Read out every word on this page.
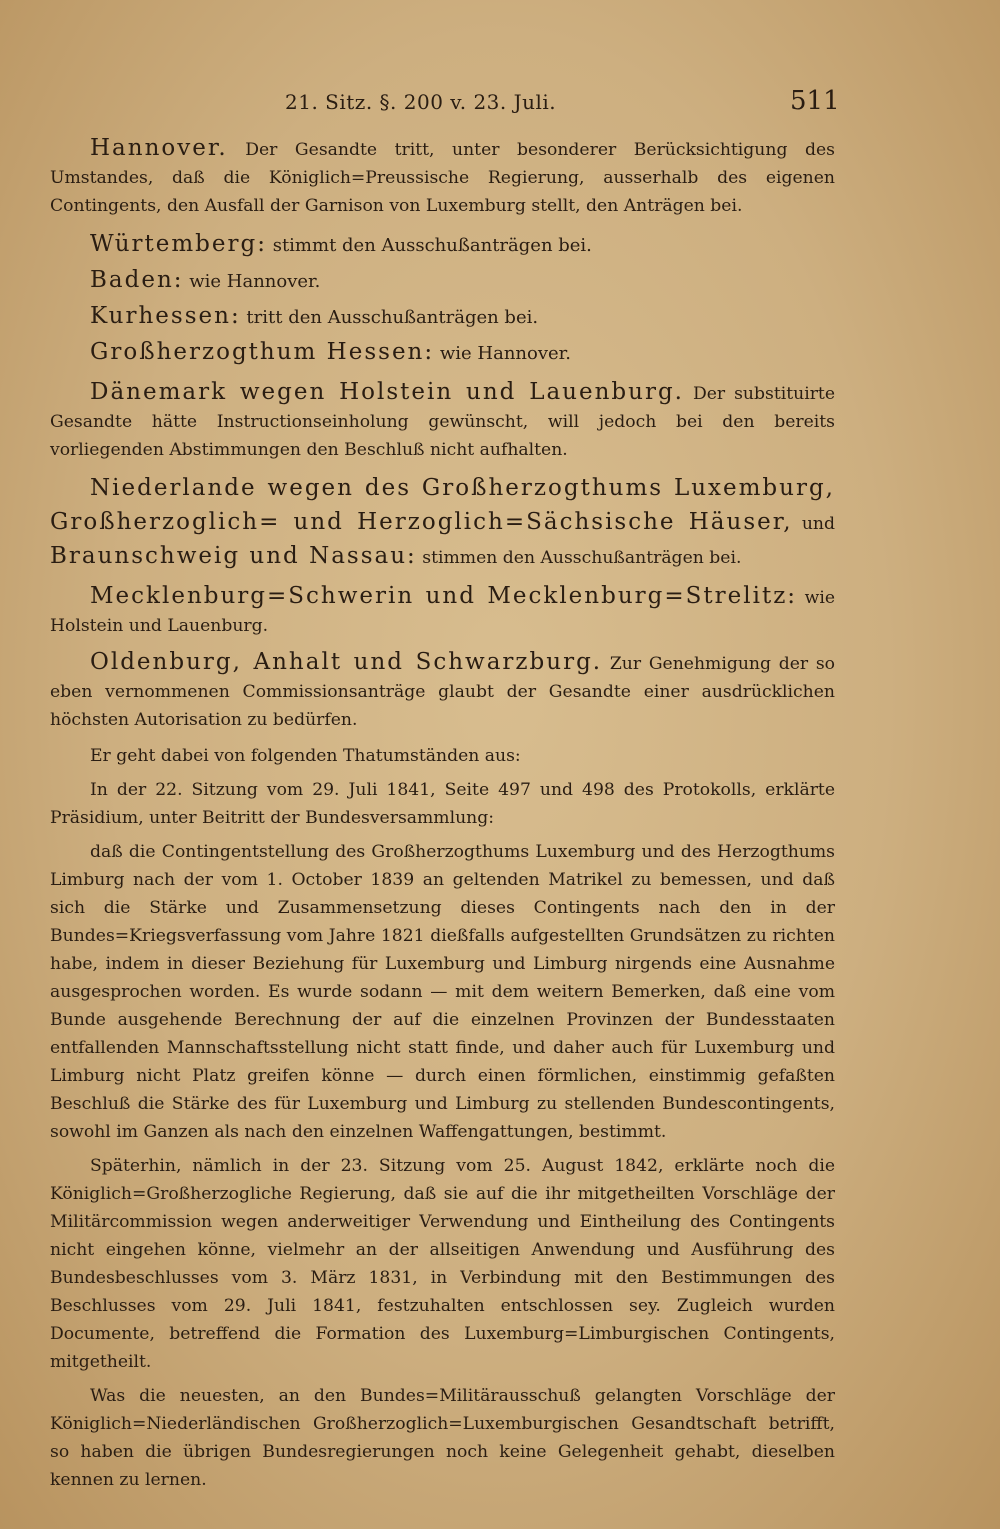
21. Sitz. §. 200 v. 23. Juli.	511

Hannover. Der Gesandte tritt, unter besonderer Berücksichtigung des Umstandes, daß die Königlich=Preussische Regierung, ausserhalb des eigenen Contingents, den Ausfall der Garnison von Luxemburg stellt, den Anträgen bei.

Würtemberg: stimmt den Ausschußanträgen bei.

Baden: wie Hannover.

Kurhessen: tritt den Ausschußanträgen bei.

Großherzogthum Hessen: wie Hannover.

Dänemark wegen Holstein und Lauenburg. Der substituirte Gesandte hätte Instructionseinholung gewünscht, will jedoch bei den bereits vorliegenden Abstimmungen den Beschluß nicht aufhalten.

Niederlande wegen des Großherzogthums Luxemburg, Großherzoglich= und Herzoglich=Sächsische Häuser, und Braunschweig und Nassau: stimmen den Ausschußanträgen bei.

Mecklenburg=Schwerin und Mecklenburg=Strelitz: wie Holstein und Lauenburg.

Oldenburg, Anhalt und Schwarzburg. Zur Genehmigung der so eben vernommenen Commissionsanträge glaubt der Gesandte einer ausdrücklichen höchsten Autorisation zu bedürfen.

Er geht dabei von folgenden Thatumständen aus:

In der 22. Sitzung vom 29. Juli 1841, Seite 497 und 498 des Protokolls, erklärte Präsidium, unter Beitritt der Bundesversammlung:

daß die Contingentstellung des Großherzogthums Luxemburg und des Herzogthums Limburg nach der vom 1. October 1839 an geltenden Matrikel zu bemessen, und daß sich die Stärke und Zusammensetzung dieses Contingents nach den in der Bundes=Kriegsverfassung vom Jahre 1821 dießfalls aufgestellten Grundsätzen zu richten habe, indem in dieser Beziehung für Luxemburg und Limburg nirgends eine Ausnahme ausgesprochen worden. Es wurde sodann — mit dem weitern Bemerken, daß eine vom Bunde ausgehende Berechnung der auf die einzelnen Provinzen der Bundesstaaten entfallenden Mannschaftsstellung nicht statt finde, und daher auch für Luxemburg und Limburg nicht Platz greifen könne — durch einen förmlichen, einstimmig gefaßten Beschluß die Stärke des für Luxemburg und Limburg zu stellenden Bundescontingents, sowohl im Ganzen als nach den einzelnen Waffengattungen, bestimmt.

Späterhin, nämlich in der 23. Sitzung vom 25. August 1842, erklärte noch die Königlich=Großherzogliche Regierung, daß sie auf die ihr mitgetheilten Vorschläge der Militärcommission wegen anderweitiger Verwendung und Eintheilung des Contingents nicht eingehen könne, vielmehr an der allseitigen Anwendung und Ausführung des Bundesbeschlusses vom 3. März 1831, in Verbindung mit den Bestimmungen des Beschlusses vom 29. Juli 1841, festzuhalten entschlossen sey. Zugleich wurden Documente, betreffend die Formation des Luxemburg=Limburgischen Contingents, mitgetheilt.

Was die neuesten, an den Bundes=Militärausschuß gelangten Vorschläge der Königlich=Niederländischen Großherzoglich=Luxemburgischen Gesandtschaft betrifft, so haben die übrigen Bundesregierungen noch keine Gelegenheit gehabt, dieselben kennen zu lernen.
